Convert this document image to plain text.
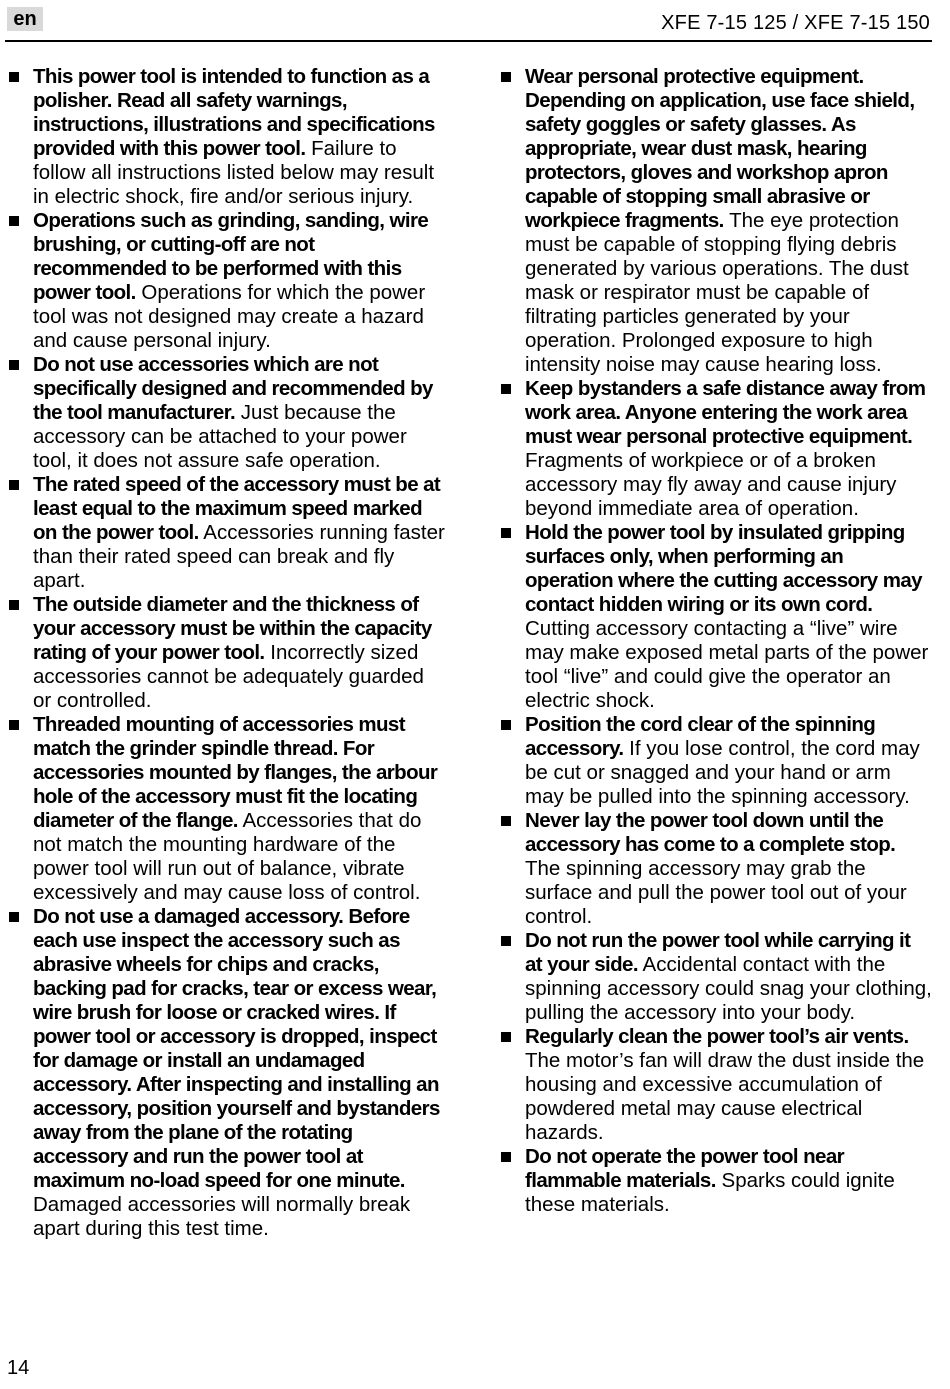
en	XFE 7-15 125 / XFE 7-15 150
This power tool is intended to function as a polisher. Read all safety warnings, instructions, illustrations and specifications provided with this power tool. Failure to follow all instructions listed below may result in electric shock, fire and/or serious injury.
Operations such as grinding, sanding, wire brushing, or cutting-off are not recommended to be performed with this power tool. Operations for which the power tool was not designed may create a hazard and cause personal injury.
Do not use accessories which are not specifically designed and recommended by the tool manufacturer. Just because the accessory can be attached to your power tool, it does not assure safe operation.
The rated speed of the accessory must be at least equal to the maximum speed marked on the power tool. Accessories running faster than their rated speed can break and fly apart.
The outside diameter and the thickness of your accessory must be within the capacity rating of your power tool. Incorrectly sized accessories cannot be adequately guarded or controlled.
Threaded mounting of accessories must match the grinder spindle thread. For accessories mounted by flanges, the arbour hole of the accessory must fit the locating diameter of the flange. Accessories that do not match the mounting hardware of the power tool will run out of balance, vibrate excessively and may cause loss of control.
Do not use a damaged accessory. Before each use inspect the accessory such as abrasive wheels for chips and cracks, backing pad for cracks, tear or excess wear, wire brush for loose or cracked wires. If power tool or accessory is dropped, inspect for damage or install an undamaged accessory. After inspecting and installing an accessory, position yourself and bystanders away from the plane of the rotating accessory and run the power tool at maximum no-load speed for one minute. Damaged accessories will normally break apart during this test time.
Wear personal protective equipment. Depending on application, use face shield, safety goggles or safety glasses. As appropriate, wear dust mask, hearing protectors, gloves and workshop apron capable of stopping small abrasive or workpiece fragments. The eye protection must be capable of stopping flying debris generated by various operations. The dust mask or respirator must be capable of filtrating particles generated by your operation. Prolonged exposure to high intensity noise may cause hearing loss.
Keep bystanders a safe distance away from work area. Anyone entering the work area must wear personal protective equipment. Fragments of workpiece or of a broken accessory may fly away and cause injury beyond immediate area of operation.
Hold the power tool by insulated gripping surfaces only, when performing an operation where the cutting accessory may contact hidden wiring or its own cord. Cutting accessory contacting a “live” wire may make exposed metal parts of the power tool “live” and could give the operator an electric shock.
Position the cord clear of the spinning accessory. If you lose control, the cord may be cut or snagged and your hand or arm may be pulled into the spinning accessory.
Never lay the power tool down until the accessory has come to a complete stop. The spinning accessory may grab the surface and pull the power tool out of your control.
Do not run the power tool while carrying it at your side. Accidental contact with the spinning accessory could snag your clothing, pulling the accessory into your body.
Regularly clean the power tool’s air vents. The motor’s fan will draw the dust inside the housing and excessive accumulation of powdered metal may cause electrical hazards.
Do not operate the power tool near flammable materials. Sparks could ignite these materials.
14
